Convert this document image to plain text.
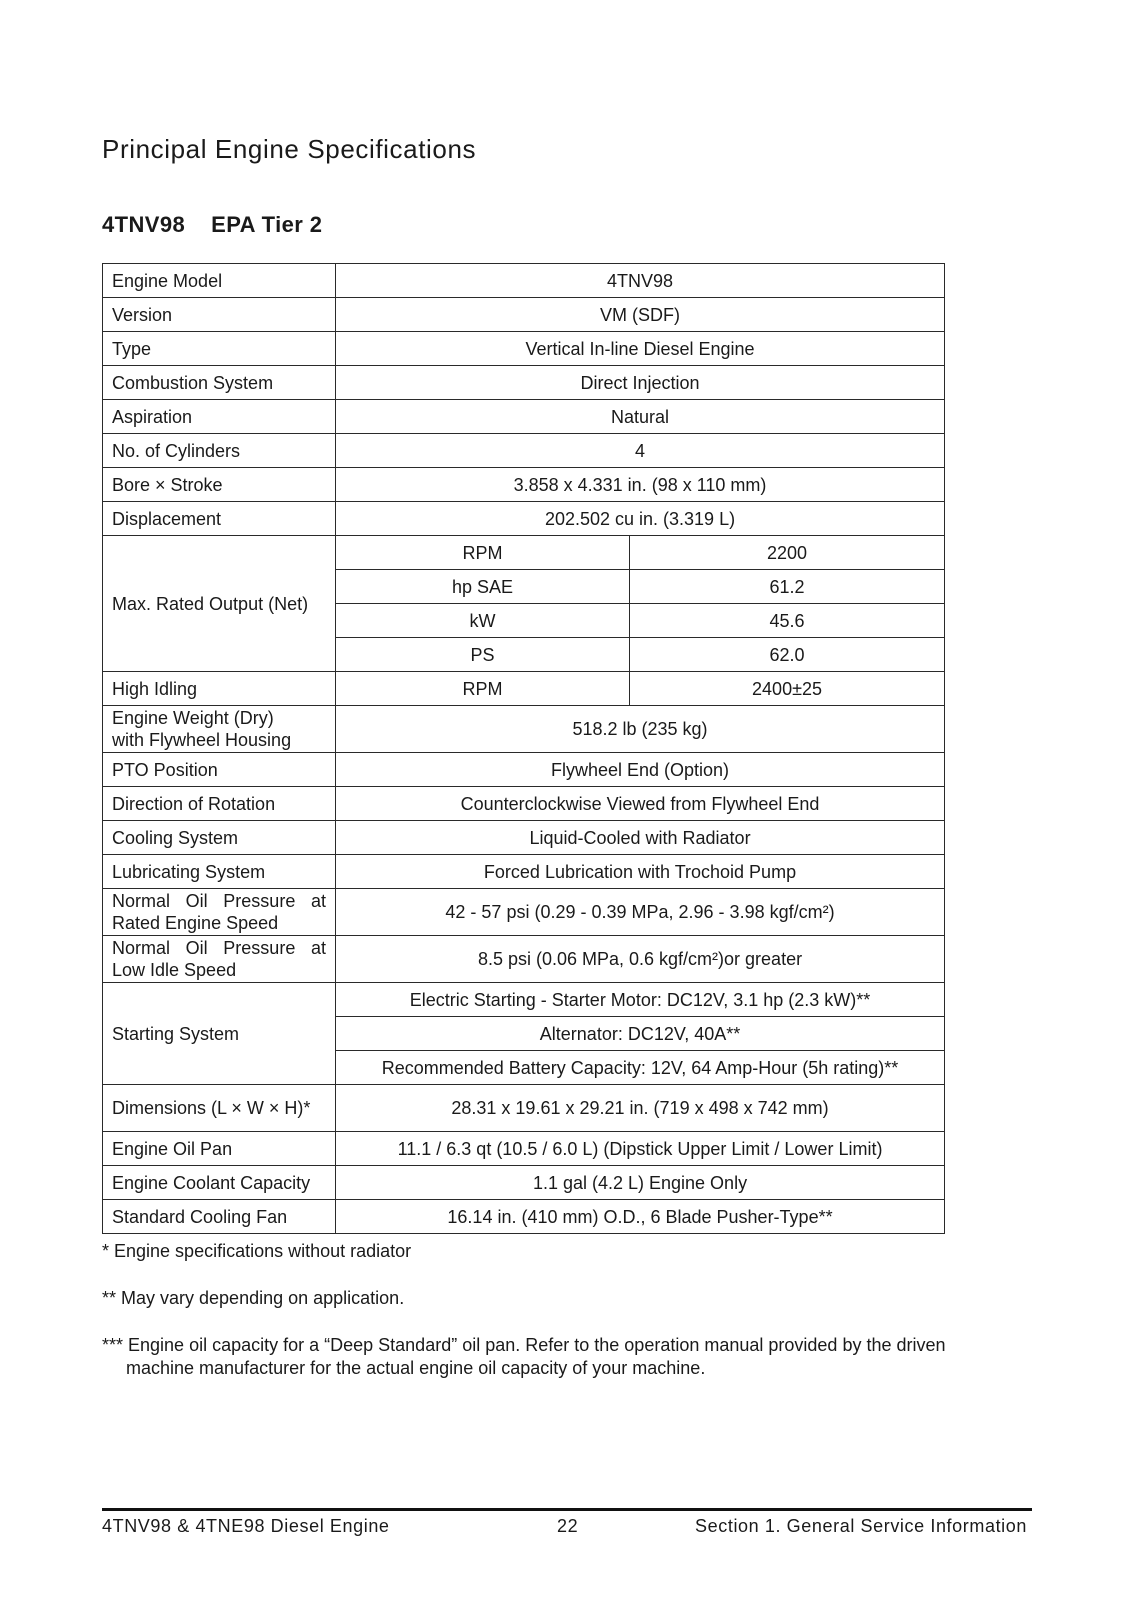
Principal Engine Specifications
4TNV98    EPA Tier 2
Engine Model	4TNV98	
Version	VM (SDF)	
Type	Vertical In-line Diesel Engine	
Combustion System	Direct Injection	
Aspiration	Natural	
No. of Cylinders	4	
Bore × Stroke	3.858 x 4.331 in. (98 x 110 mm)	
Displacement	202.502 cu in. (3.319 L)	
Max. Rated Output (Net)	RPM	2200
	hp SAE	61.2
	kW	45.6
	PS	62.0
High Idling	RPM	2400±25

Engine Weight (Dry)
with Flywheel Housing	518.2 lb (235 kg)	
PTO Position	Flywheel End (Option)	
Direction of Rotation	Counterclockwise Viewed from Flywheel End	
Cooling System	Liquid-Cooled with Radiator	
Lubricating System	Forced Lubrication with Trochoid Pump	

Normal Oil Pressure at
Rated Engine Speed	42 - 57 psi (0.29 - 0.39 MPa, 2.96 - 3.98 kgf/cm²)	

Normal Oil Pressure at
Low Idle Speed	8.5 psi (0.06 MPa, 0.6 kgf/cm²)or greater	
Starting System	Electric Starting - Starter Motor: DC12V, 3.1 hp (2.3 kW)**	
	Alternator: DC12V, 40A**	
	Recommended Battery Capacity: 12V, 64 Amp-Hour (5h rating)**	
Dimensions (L × W × H)*	28.31 x 19.61 x 29.21 in. (719 x 498 x 742 mm)	
Engine Oil Pan	11.1 / 6.3 qt (10.5 / 6.0 L) (Dipstick Upper Limit / Lower Limit)	
Engine Coolant Capacity	1.1 gal (4.2 L) Engine Only	
Standard Cooling Fan	16.14 in. (410 mm) O.D., 6 Blade Pusher-Type**	

* Engine specifications without radiator

** May vary depending on application.

*** Engine oil capacity for a “Deep Standard” oil pan. Refer to the operation manual provided by the driven machine manufacturer for the actual engine oil capacity of your machine.

4TNV98 & 4TNE98 Diesel Engine	22	Section 1. General Service Information
